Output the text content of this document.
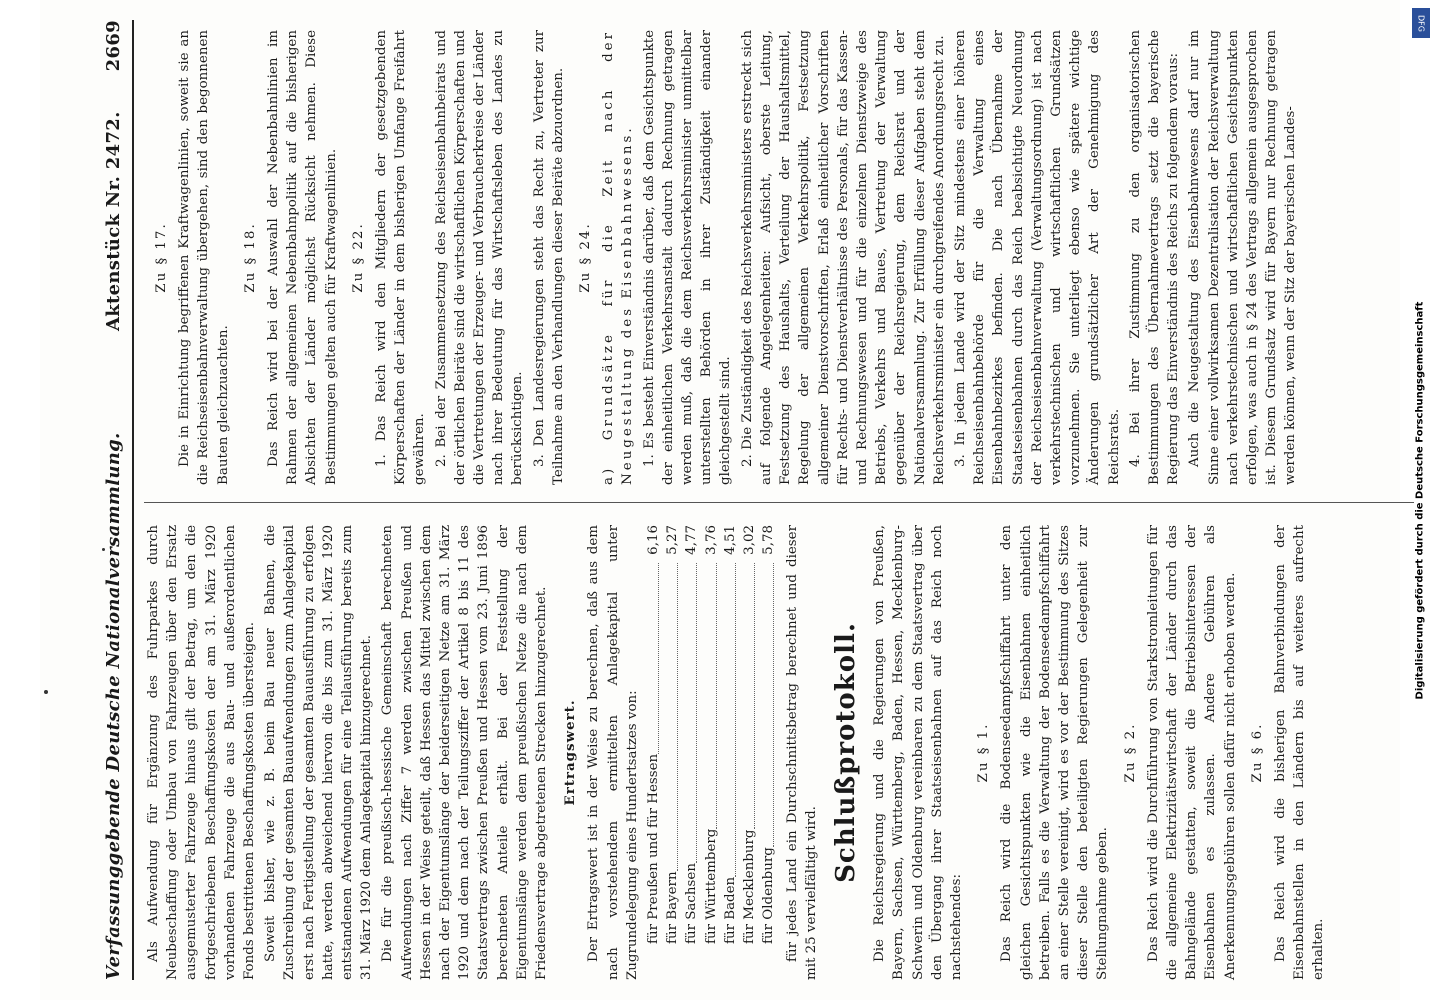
Verfassunggebende Deutsche Nationalversammlung.
Aktenstück Nr. 2472.
2669

Als Aufwendung für Ergänzung des Fuhrparkes durch Neubeschaffung oder Umbau von Fahrzeugen über den Ersatz ausgemusterter Fahrzeuge hinaus gilt der Betrag, um den die fortgeschriebenen Beschaffungskosten der am 31. März 1920 vorhandenen Fahrzeuge die aus Bau- und außerordentlichen Fonds bestrittenen Beschaffungskosten übersteigen. Soweit bisher, wie z. B. beim Bau neuer Bahnen, die Zuschreibung der gesamten Bauaufwendungen zum Anlagekapital erst nach Fertigstellung der gesamten Bauausführung zu erfolgen hatte, werden abweichend hiervon die bis zum 31. März 1920 entstandenen Aufwendungen für eine Teilausführung bereits zum 31. März 1920 dem Anlagekapital hinzugerechnet. Die für die preußisch-hessische Gemeinschaft berechneten Aufwendungen nach Ziffer 7 werden zwischen Preußen und Hessen in der Weise geteilt, daß Hessen das Mittel zwischen dem nach der Eigentumslänge der beiderseitigen Netze am 31. März 1920 und dem nach der Teilungsziffer der Artikel 8 bis 11 des Staatsvertrags zwischen Preußen und Hessen vom 23. Juni 1896 berechneten Anteile erhält. Bei der Feststellung der Eigentumslänge werden dem preußischen Netze die nach dem Friedensvertrage abgetretenen Strecken hinzugerechnet. Ertragswert. Der Ertragswert ist in der Weise zu berechnen, daß aus dem nach vorstehendem ermittelten Anlagekapital unter Zugrundelegung eines Hundertsatzes von: für Preußen und für Hessen
6,16
für Bayern
5,27
für Sachsen
4,77
für Württemberg
3,76
für Baden
4,51
für Mecklenburg
3,02
für Oldenburg
5,78 für jedes Land ein Durchschnittsbetrag berechnet und dieser mit 25 vervielfältigt wird.

Schlußprotokoll. Die Reichsregierung und die Regierungen von Preußen, Bayern, Sachsen, Württemberg, Baden, Hessen, Mecklenburg-Schwerin und Oldenburg vereinbaren zu dem Staatsvertrag über den Übergang ihrer Staatseisenbahnen auf das Reich noch nachstehendes:

Zu § 1. Das Reich wird die Bodenseedampfschiffahrt unter den gleichen Gesichtspunkten wie die Eisenbahnen einheitlich betreiben. Falls es die Verwaltung der Bodenseedampfschiffahrt an einer Stelle vereinigt, wird es vor der Bestimmung des Sitzes dieser Stelle den beteiligten Regierungen Gelegenheit zur Stellungnahme geben.

Zu § 2. Das Reich wird die Durchführung von Starkstromleitungen für die allgemeine Elektrizitätswirtschaft der Länder durch das Bahngelände gestatten, soweit die Betriebsinteressen der Eisenbahnen es zulassen. Andere Gebühren als Anerkennungsgebühren sollen dafür nicht erhoben werden. Zu § 6. Das Reich wird die bisherigen Bahnverbindungen der Eisenbahnstellen in den Ländern bis auf weiteres aufrecht erhalten.

Zu § 17. Die in Einrichtung begriffenen Kraftwagenlinien, soweit sie an die Reichseisenbahnverwaltung übergehen, sind den begonnenen Bauten gleichzuachten.

Zu § 18. Das Reich wird bei der Auswahl der Nebenbahnlinien im Rahmen der allgemeinen Nebenbahnpolitik auf die bisherigen Absichten der Länder möglichst Rücksicht nehmen. Diese Bestimmungen gelten auch für Kraftwagenlinien. Zu § 22. 1. Das Reich wird den Mitgliedern der gesetzgebenden Körperschaften der Länder in dem bisherigen Umfange Freifahrt gewähren. 2. Bei der Zusammensetzung des Reichseisenbahnbeirats und der örtlichen Beiräte sind die wirtschaftlichen Körperschaften und die Vertretungen der Erzeuger- und Verbraucherkreise der Länder nach ihrer Bedeutung für das Wirtschaftsleben des Landes zu berücksichtigen. 3. Den Landesregierungen steht das Recht zu, Vertreter zur Teilnahme an den Verhandlungen dieser Beiräte abzuordnen. Zu § 24. a) Grundsätze für die Zeit nach der Neugestaltung des Eisenbahnwesens. 1. Es besteht Einverständnis darüber, daß dem Gesichtspunkte der einheitlichen Verkehrsanstalt dadurch Rechnung getragen werden muß, daß die dem Reichsverkehrsminister unmittelbar unterstellten Behörden in ihrer Zuständigkeit einander gleichgestellt sind. 2. Die Zuständigkeit des Reichsverkehrsministers erstreckt sich auf folgende Angelegenheiten: Aufsicht, oberste Leitung, Festsetzung des Haushalts, Verteilung der Haushaltsmittel, Regelung der allgemeinen Verkehrspolitik, Festsetzung allgemeiner Dienstvorschriften, Erlaß einheitlicher Vorschriften für Rechts- und Dienstverhältnisse des Personals, für das Kassen- und Rechnungswesen und für die einzelnen Dienstzweige des Betriebs, Verkehrs und Baues, Vertretung der Verwaltung gegenüber der Reichsregierung, dem Reichsrat und der Nationalversammlung. Zur Erfüllung dieser Aufgaben steht dem Reichsverkehrsminister ein durchgreifendes Anordnungsrecht zu. 3. In jedem Lande wird der Sitz mindestens einer höheren Reichseisenbahnbehörde für die Verwaltung eines Eisenbahnbezirkes befinden. Die nach Übernahme der Staatseisenbahnen durch das Reich beabsichtigte Neuordnung der Reichseisenbahnverwaltung (Verwaltungsordnung) ist nach verkehrstechnischen und wirtschaftlichen Grundsätzen vorzunehmen. Sie unterliegt ebenso wie spätere wichtige Änderungen grundsätzlicher Art der Genehmigung des Reichsrats. 4. Bei ihrer Zustimmung zu den organisatorischen Bestimmungen des Übernahmevertrags setzt die bayerische Regierung das Einverständnis des Reichs zu folgendem voraus: Auch die Neugestaltung des Eisenbahnwesens darf nur im Sinne einer vollwirksamen Dezentralisation der Reichsverwaltung nach verkehrstechnischen und wirtschaftlichen Gesichtspunkten erfolgen, was auch in § 24 des Vertrags allgemein ausgesprochen ist. Diesem Grundsatz wird für Bayern nur Rechnung getragen werden können, wenn der Sitz der bayerischen Landes-

DFG
Digitalisierung gefördert durch die Deutsche Forschungsgemeinschaft
